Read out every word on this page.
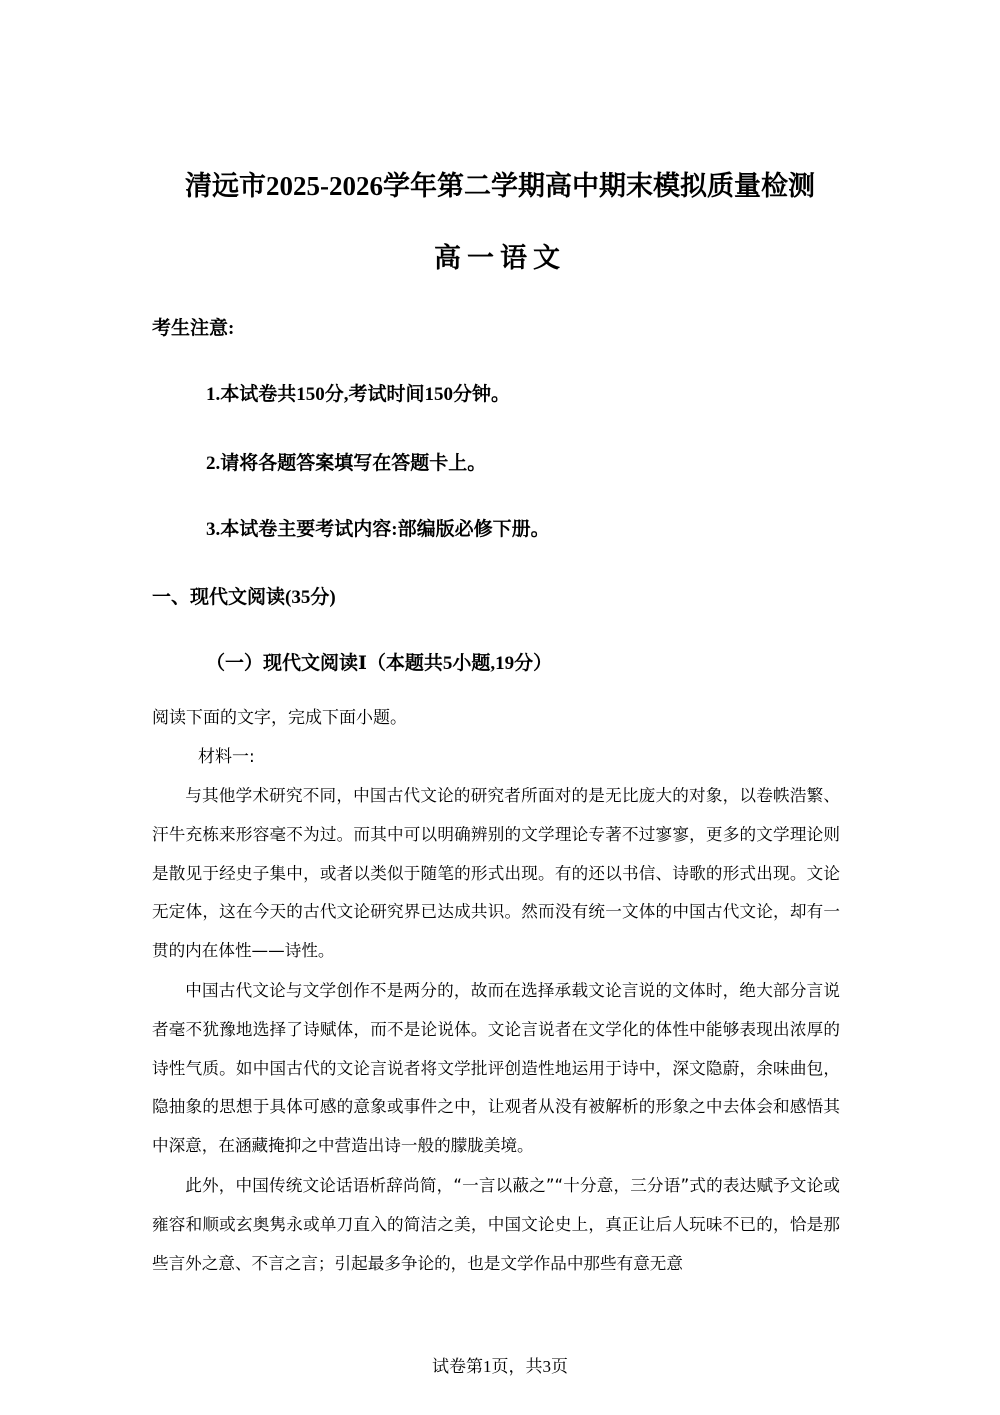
清远市2025-2026学年第二学期高中期末模拟质量检测
高一语文
考生注意:
1.本试卷共150分,考试时间150分钟。
2.请将各题答案填写在答题卡上。
3.本试卷主要考试内容:部编版必修下册。
一、现代文阅读(35分)
（一）现代文阅读Ⅰ（本题共5小题,19分）
阅读下面的文字，完成下面小题。
材料一:

与其他学术研究不同，中国古代文论的研究者所面对的是无比庞大的对象，以卷帙浩繁、汗牛充栋来形容毫不为过。而其中可以明确辨别的文学理论专著不过寥寥，更多的文学理论则是散见于经史子集中，或者以类似于随笔的形式出现。有的还以书信、诗歌的形式出现。文论无定体，这在今天的古代文论研究界已达成共识。然而没有统一文体的中国古代文论，却有一贯的内在体性——诗性。

中国古代文论与文学创作不是两分的，故而在选择承载文论言说的文体时，绝大部分言说者毫不犹豫地选择了诗赋体，而不是论说体。文论言说者在文学化的体性中能够表现出浓厚的诗性气质。如中国古代的文论言说者将文学批评创造性地运用于诗中，深文隐蔚，余味曲包，隐抽象的思想于具体可感的意象或事件之中，让观者从没有被解析的形象之中去体会和感悟其中深意，在涵藏掩抑之中营造出诗一般的朦胧美境。

此外，中国传统文论话语析辞尚简，“一言以蔽之”“十分意，三分语”式的表达赋予文论或雍容和顺或玄奥隽永或单刀直入的简洁之美，中国文论史上，真正让后人玩味不已的，恰是那些言外之意、不言之言；引起最多争论的，也是文学作品中那些有意无意

试卷第1页，共3页
